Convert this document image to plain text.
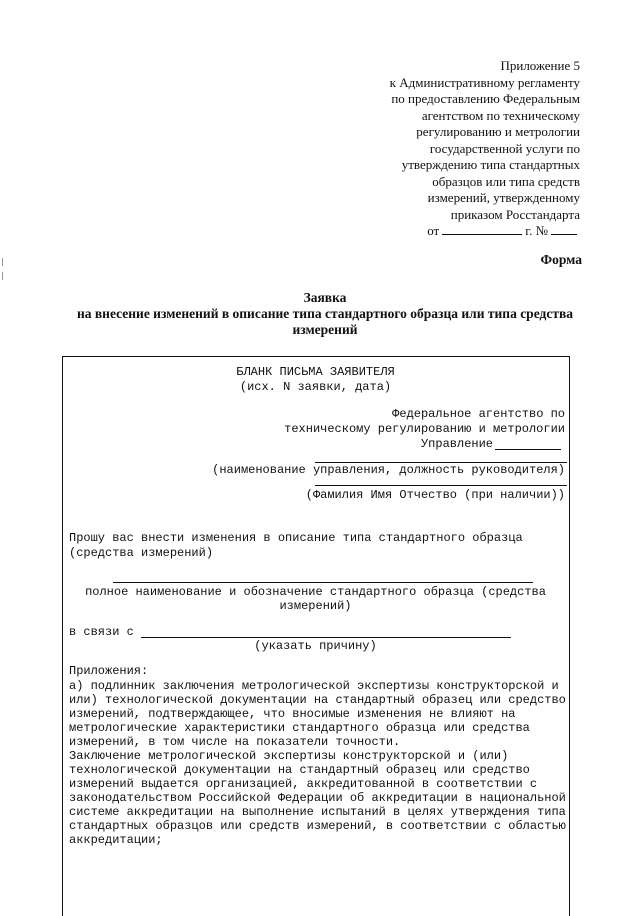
Приложение 5
к Административному регламенту
по предоставлению Федеральным
агентством по техническому
регулированию и метрологии
государственной услуги по
утверждению типа стандартных
образцов или типа средств
измерений, утвержденному
приказом Росстандарта
от	г. №
Форма
Заявка
на внесение изменений в описание типа стандартного образца или типа средства
измерений
БЛАНК ПИСЬМА ЗАЯВИТЕЛЯ
(исх. N заявки, дата)
Федеральное агентство по
техническому регулированию и метрологии
Управление
(наименование управления, должность руководителя)
(Фамилия Имя Отчество (при наличии))
Прошу вас внести изменения в описание типа стандартного образца
(средства измерений)
полное наименование и обозначение стандартного образца (средства
измерений)
в связи с
(указать причину)
Приложения:
а) подлинник заключения метрологической экспертизы конструкторской и
или) технологической документации на стандартный образец или средство
измерений, подтверждающее, что вносимые изменения не влияют на
метрологические характеристики стандартного образца или средства
измерений, в том числе на показатели точности.
Заключение метрологической экспертизы конструкторской и (или)
технологической документации на стандартный образец или средство
измерений выдается организацией, аккредитованной в соответствии с
законодательством Российской Федерации об аккредитации в национальной
системе аккредитации на выполнение испытаний в целях утверждения типа
стандартных образцов или средств измерений, в соответствии с областью
аккредитации;
